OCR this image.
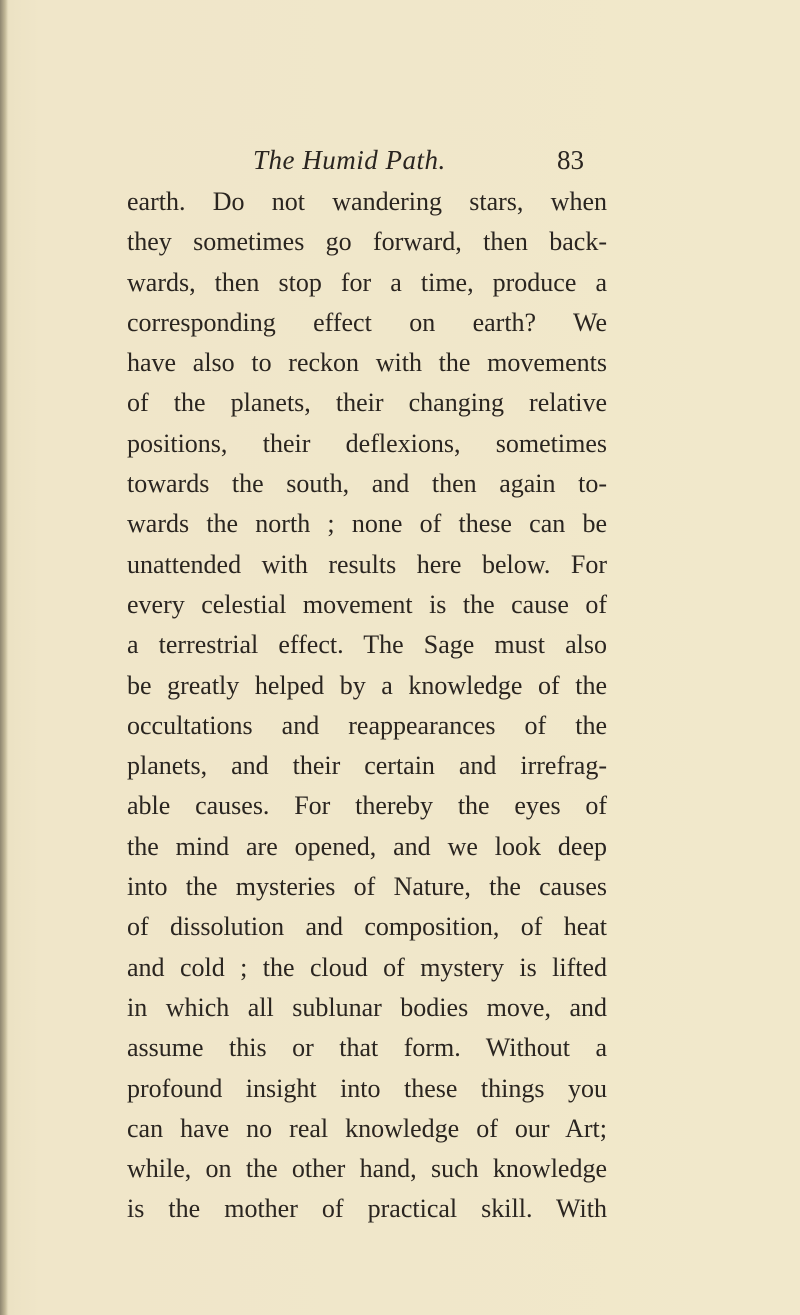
The Humid Path.	83
earth. Do not wandering stars, when
they sometimes go forward, then back-
wards, then stop for a time, produce a
corresponding effect on earth? We
have also to reckon with the movements
of the planets, their changing relative
positions, their deflexions, sometimes
towards the south, and then again to-
wards the north ; none of these can be
unattended with results here below. For
every celestial movement is the cause of
a terrestrial effect. The Sage must also
be greatly helped by a knowledge of the
occultations and reappearances of the
planets, and their certain and irrefrag-
able causes. For thereby the eyes of
the mind are opened, and we look deep
into the mysteries of Nature, the causes
of dissolution and composition, of heat
and cold ; the cloud of mystery is lifted
in which all sublunar bodies move, and
assume this or that form. Without a
profound insight into these things you
can have no real knowledge of our Art;
while, on the other hand, such knowledge
is the mother of practical skill. With
